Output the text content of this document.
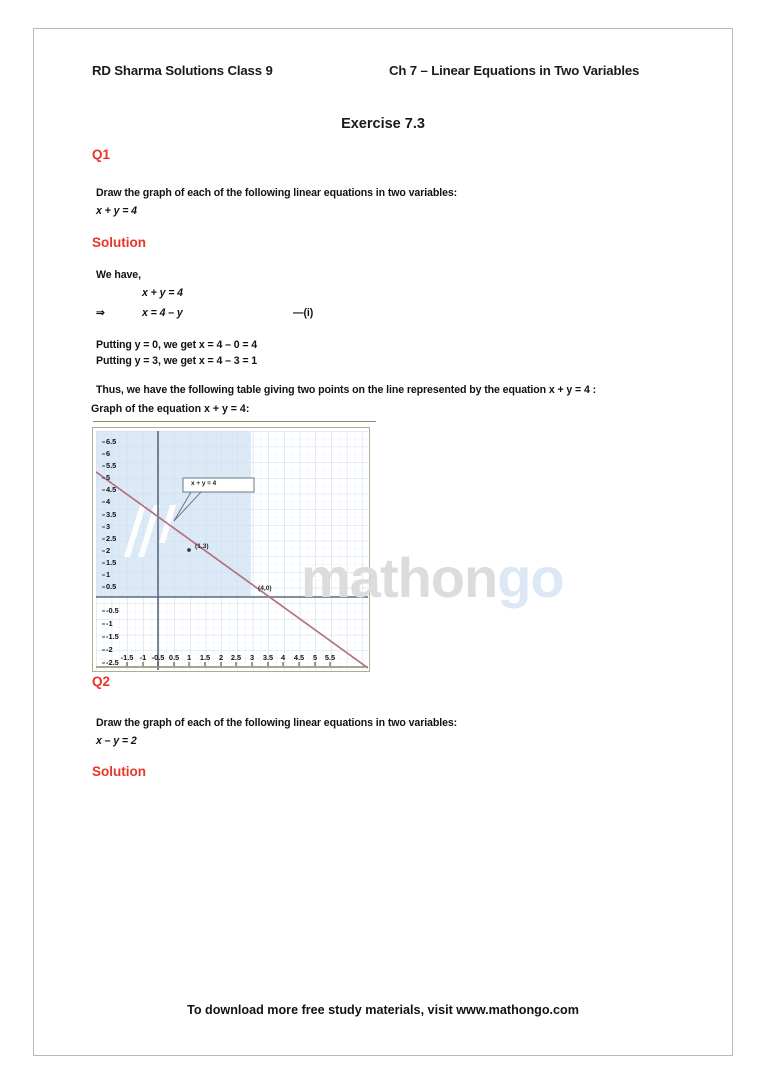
RD Sharma Solutions Class 9	Ch 7 – Linear Equations in Two Variables
Exercise 7.3
Q1
Draw the graph of each of the following linear equations in two variables:
x + y = 4
Solution
We have,
x + y = 4
⇒	x = 4 – y	—(i)
Putting y = 0, we get x = 4 – 0 = 4
Putting y = 3, we get x = 4 – 3 = 1
Thus, we have the following table giving two points on the line represented by the equation x + y = 4 :
Graph of the equation x + y = 4:
6.5
6
5.5
5
4.5
4
3.5
3
2.5
2
1.5
1
0.5
-0.5
-1
-1.5
-2
-2.5
-1.5 -1 -0.5 0.5 1 1.5 2 2.5 3 3.5 4 4.5 5 5.5
x + y = 4
(1,3)
(4,0) mathongo
Q2
Draw the graph of each of the following linear equations in two variables:
x – y = 2
Solution
To download more free study materials, visit www.mathongo.com
